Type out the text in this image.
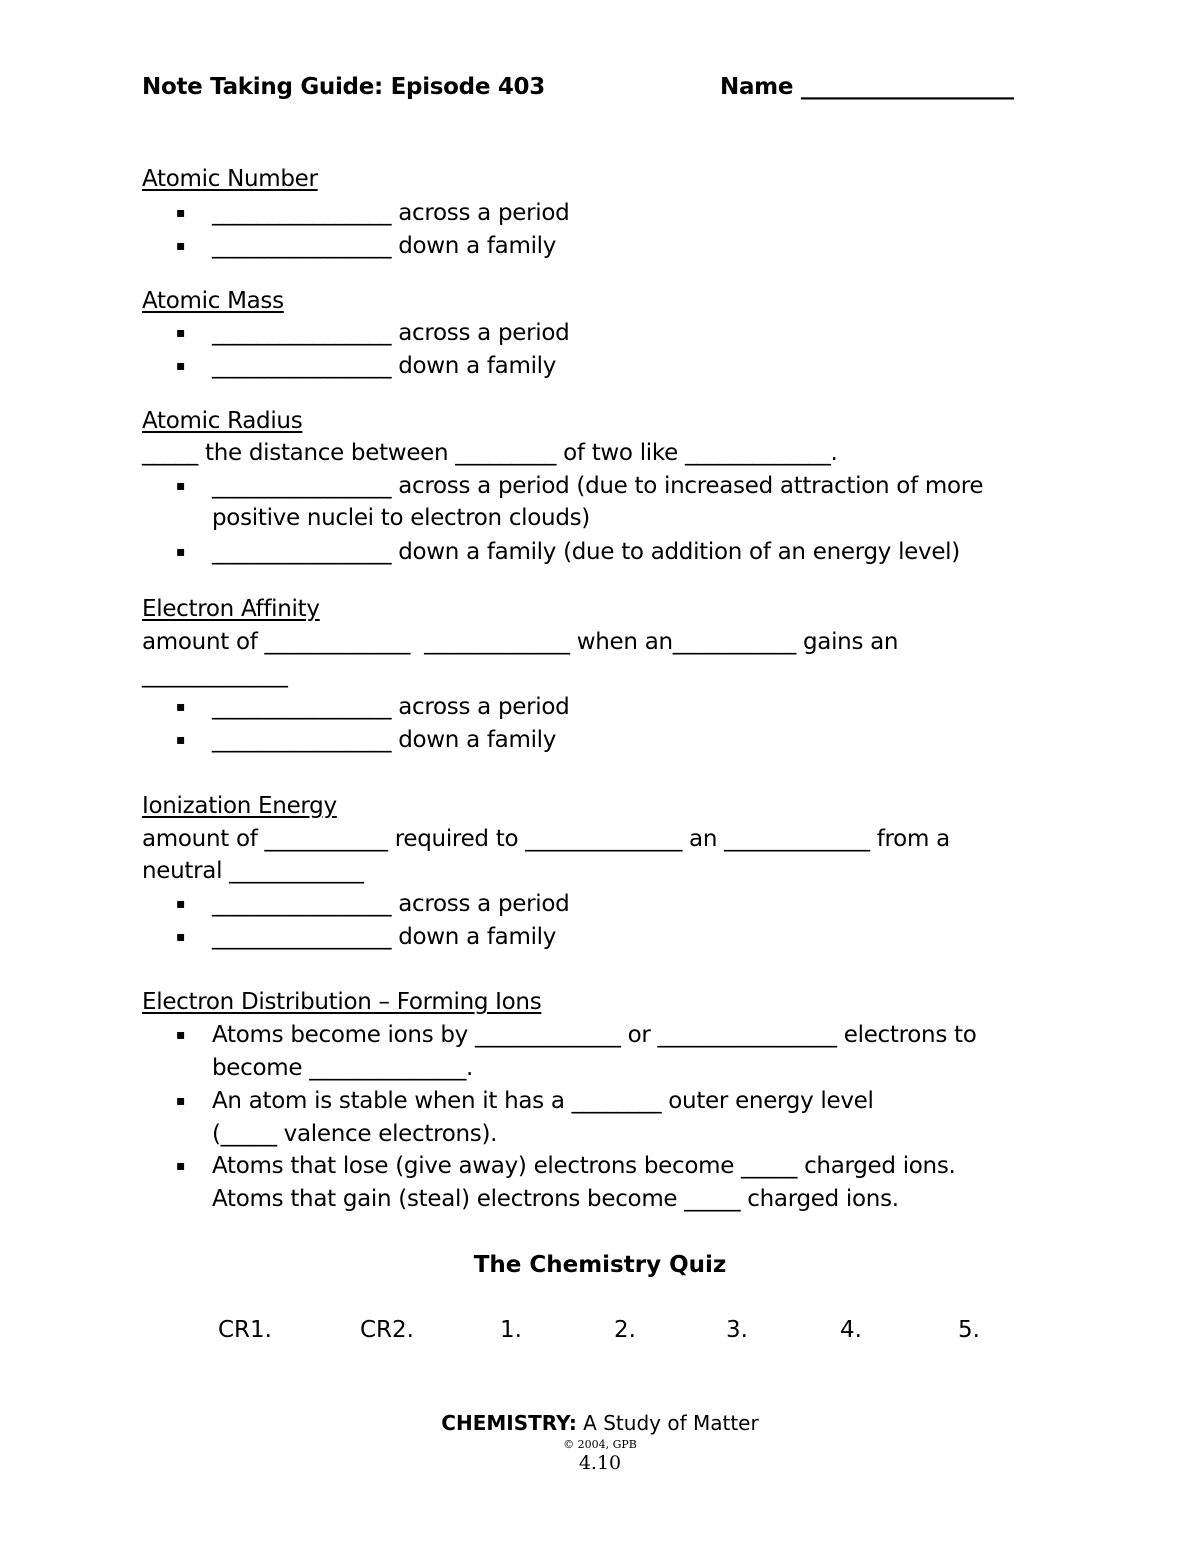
Note Taking Guide: Episode 403	Name ___________________
Atomic Number
▪ ________________ across a period
▪ ________________ down a family
Atomic Mass
▪ ________________ across a period
▪ ________________ down a family
Atomic Radius
_____ the distance between _________ of two like _____________.
▪ ________________ across a period (due to increased attraction of more
positive nuclei to electron clouds)
▪ ________________ down a family (due to addition of an energy level)
Electron Affinity
amount of _____________  _____________ when an___________ gains an
_____________
▪ ________________ across a period
▪ ________________ down a family
Ionization Energy
amount of ___________ required to ______________ an _____________ from a
neutral ____________
▪ ________________ across a period
▪ ________________ down a family
Electron Distribution – Forming Ions
▪ Atoms become ions by _____________ or ________________ electrons to
become ______________.
▪ An atom is stable when it has a ________ outer energy level
(_____ valence electrons).
▪ Atoms that lose (give away) electrons become _____ charged ions.
Atoms that gain (steal) electrons become _____ charged ions.
The Chemistry Quiz
CR1.	CR2.	1.	2.	3.	4.	5.
CHEMISTRY: A Study of Matter
© 2004, GPB
4.10
